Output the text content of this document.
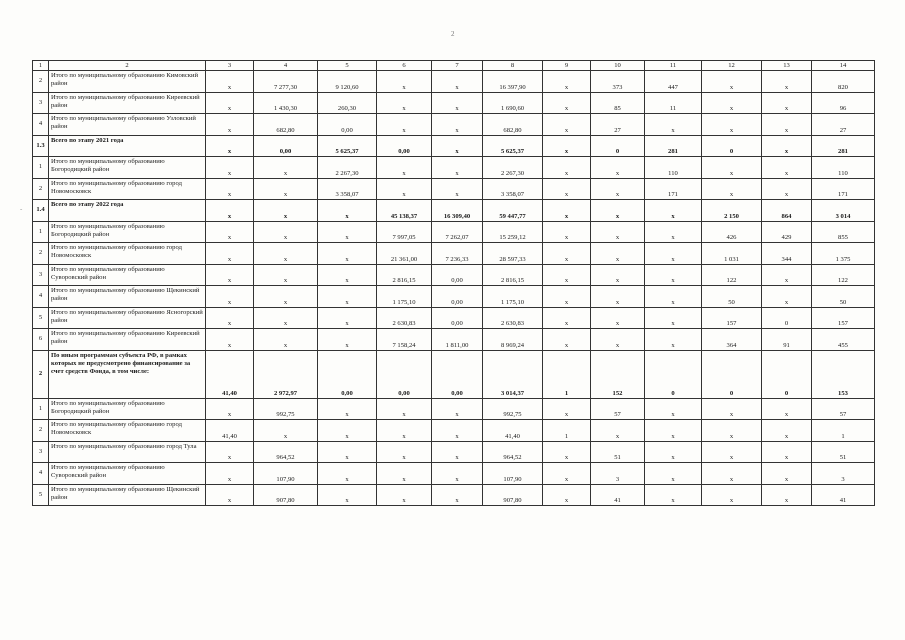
2
-
1	2	3	4	5	6	7	8	9	10	11	12	13	14
2	Итого по муниципальному образованию Кимовский район	x	7 277,30	9 120,60	x	x	16 397,90	x	373	447	x	x	820
3	Итого по муниципальному образованию Киреевский район	x	1 430,30	260,30	x	x	1 690,60	x	85	11	x	x	96
4	Итого по муниципальному образованию Узловский район	x	682,80	0,00	x	x	682,80	x	27	x	x	x	27
1.3	Всего по этапу 2021 года	x	0,00	5 625,37	0,00	x	5 625,37	x	0	281	0	x	281
1	Итого по муниципальному образованию Богородицкий район	x	x	2 267,30	x	x	2 267,30	x	x	110	x	x	110
2	Итого по муниципальному образованию город Новомосковск	x	x	3 358,07	x	x	3 358,07	x	x	171	x	x	171
1.4	Всего по этапу 2022 года	x	x	x	45 138,37	16 309,40	59 447,77	x	x	x	2 150	864	3 014
1	Итого по муниципальному образованию Богородицкий район	x	x	x	7 997,05	7 262,07	15 259,12	x	x	x	426	429	855
2	Итого по муниципальному образованию город Новомосковск	x	x	x	21 361,00	7 236,33	28 597,33	x	x	x	1 031	344	1 375
3	Итого по муниципальному образованию Суворовский район	x	x	x	2 816,15	0,00	2 816,15	x	x	x	122	x	122
4	Итого по муниципальному образованию Щекинский район	x	x	x	1 175,10	0,00	1 175,10	x	x	x	50	x	50
5	Итого по муниципальному образованию Ясногорский район	x	x	x	2 630,83	0,00	2 630,83	x	x	x	157	0	157
6	Итого по муниципальному образованию Киреевский район	x	x	x	7 158,24	1 811,00	8 969,24	x	x	x	364	91	455
2	По иным программам субъекта РФ, в рамках которых не предусмотрено финансирование за счет средств Фонда, в том числе:	41,40	2 972,97	0,00	0,00	0,00	3 014,37	1	152	0	0	0	153
1	Итого по муниципальному образованию Богородицкий район	x	992,75	x	x	x	992,75	x	57	x	x	x	57
2	Итого по муниципальному образованию город Новомосковск	41,40	x	x	x	x	41,40	1	x	x	x	x	1
3	Итого по муниципальному образованию город Тула	x	964,52	x	x	x	964,52	x	51	x	x	x	51
4	Итого по муниципальному образованию Суворовский район	x	107,90	x	x	x	107,90	x	3	x	x	x	3
5	Итого по муниципальному образованию Щекинский район	x	907,80	x	x	x	907,80	x	41	x	x	x	41
